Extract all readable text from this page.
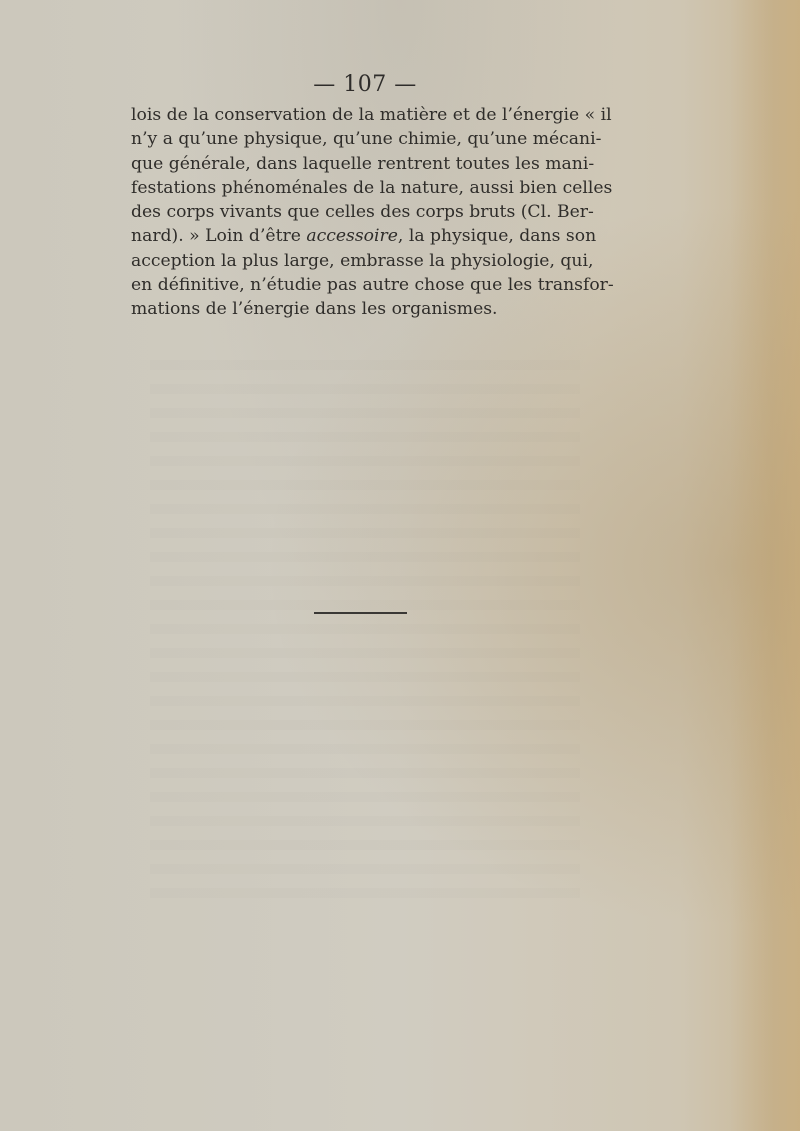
— 107 —
lois de la conservation de la matière et de l’énergie « il
n’y a qu’une physique, qu’une chimie, qu’une mécani-
que générale, dans laquelle rentrent toutes les mani-
festations phénoménales de la nature, aussi bien celles
des corps vivants que celles des corps bruts (Cl. Ber-
nard). » Loin d’être accessoire, la physique, dans son
acception la plus large, embrasse la physiologie, qui,
en définitive, n’étudie pas autre chose que les transfor-
mations de l’énergie dans les organismes.
